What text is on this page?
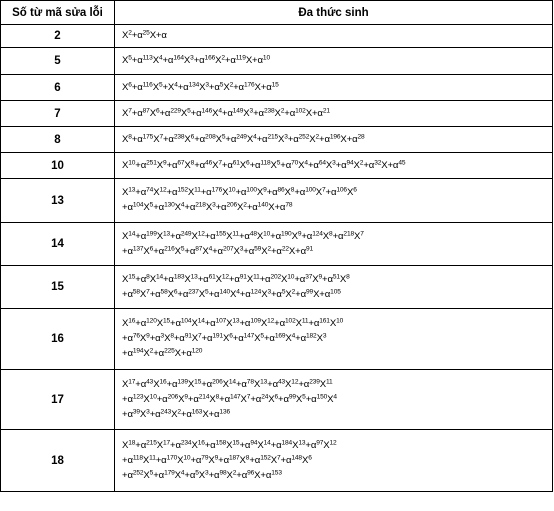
Số từ mã sửa lỗi	Đa thức sinh
2	$X^2+\alpha^{25}X+\alpha$

5	$X^5+\alpha^{113}X^4+\alpha^{164}X^3+\alpha^{166}X^2+\alpha^{119}X+\alpha^{10}$

6	$X^6+\alpha^{116}X^5+X^4+\alpha^{134}X^3+\alpha^5X^2+\alpha^{176}X+\alpha^{15}$

7	$X^7+\alpha^{87}X^6+\alpha^{229}X^5+\alpha^{146}X^4+\alpha^{149}X^3+\alpha^{238}X^2+\alpha^{102}X+\alpha^{21}$

8	$X^8+\alpha^{175}X^7+\alpha^{238}X^6+\alpha^{208}X^5+\alpha^{249}X^4+\alpha^{215}X^3+\alpha^{252}X^2+\alpha^{196}X+\alpha^{28}$

10	$X^{10}+\alpha^{251}X^9+\alpha^{67}X^8+\alpha^{46}X^7+\alpha^{61}X^6+\alpha^{118}X^5+\alpha^{70}X^4+\alpha^{64}X^3+\alpha^{94}X^2+\alpha^{32}X+\alpha^{45}$

13	$X^{13}+\alpha^{74}X^{12}+\alpha^{152}X^{11}+\alpha^{176}X^{10}+\alpha^{100}X^9+\alpha^{86}X^8+\alpha^{100}X^7+\alpha^{106}X^6$
$+\alpha^{104}X^5+\alpha^{130}X^4+\alpha^{218}X^3+\alpha^{206}X^2+\alpha^{140}X+\alpha^{78}$

14	$X^{14}+\alpha^{199}X^{13}+\alpha^{249}X^{12}+\alpha^{155}X^{11}+\alpha^{48}X^{10}+\alpha^{190}X^9+\alpha^{124}X^8+\alpha^{218}X^7$
$+\alpha^{137}X^6+\alpha^{216}X^5+\alpha^{87}X^4+\alpha^{207}X^3+\alpha^{59}X^2+\alpha^{22}X+\alpha^{91}$

15	$X^{15}+\alpha^8X^{14}+\alpha^{183}X^{13}+\alpha^{61}X^{12}+\alpha^{91}X^{11}+\alpha^{202}X^{10}+\alpha^{37}X^9+\alpha^{51}X^8$
$+\alpha^{58}X^7+\alpha^{58}X^6+\alpha^{237}X^5+\alpha^{140}X^4+\alpha^{124}X^3+\alpha^5X^2+\alpha^{99}X+\alpha^{105}$

16	$X^{16}+\alpha^{120}X^{15}+\alpha^{104}X^{14}+\alpha^{107}X^{13}+\alpha^{109}X^{12}+\alpha^{102}X^{11}+\alpha^{161}X^{10}$
$+\alpha^{76}X^9+\alpha^3X^8+\alpha^{91}X^7+\alpha^{191}X^6+\alpha^{147}X^5+\alpha^{169}X^4+\alpha^{182}X^3$
$+\alpha^{194}X^2+\alpha^{225}X+\alpha^{120}$

17	$X^{17}+\alpha^{43}X^{16}+\alpha^{139}X^{15}+\alpha^{206}X^{14}+\alpha^{78}X^{13}+\alpha^{43}X^{12}+\alpha^{239}X^{11}$
$+\alpha^{123}X^{10}+\alpha^{206}X^9+\alpha^{214}X^8+\alpha^{147}X^7+\alpha^{24}X^6+\alpha^{99}X^5+\alpha^{150}X^4$
$+\alpha^{39}X^3+\alpha^{243}X^2+\alpha^{163}X+\alpha^{136}$

18	$X^{18}+\alpha^{215}X^{17}+\alpha^{234}X^{16}+\alpha^{158}X^{15}+\alpha^{94}X^{14}+\alpha^{184}X^{13}+\alpha^{97}X^{12}$
$+\alpha^{118}X^{11}+\alpha^{170}X^{10}+\alpha^{79}X^9+\alpha^{187}X^8+\alpha^{152}X^7+\alpha^{148}X^6$
$+\alpha^{252}X^5+\alpha^{179}X^4+\alpha^5X^3+\alpha^{98}X^2+\alpha^{96}X+\alpha^{153}$
